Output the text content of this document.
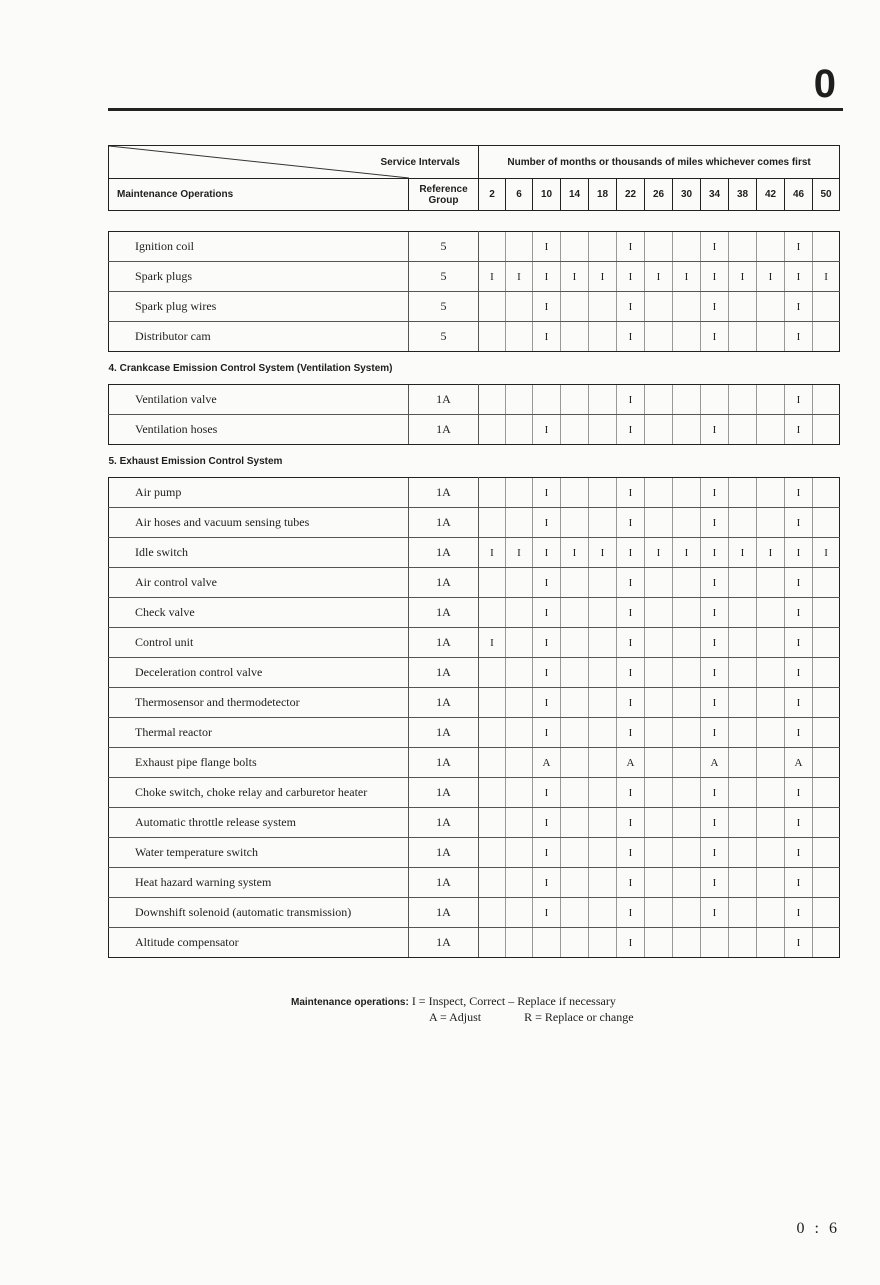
0
Service Intervals		Number of months or thousands of miles whichever comes first												
Maintenance Operations	Reference
Group	2	6	10	14	18	22	26	30	34	38	42	46	50

Ignition coil	5			I			I			I			I	
Spark plugs	5	I	I	I	I	I	I	I	I	I	I	I	I	I
Spark plug wires	5			I			I			I			I	
Distributor cam	5			I			I			I			I	
4. Crankcase Emission Control System (Ventilation System)														
Ventilation valve	1A						I						I	
Ventilation hoses	1A			I			I			I			I	
5. Exhaust Emission Control System														
Air pump	1A			I			I			I			I	
Air hoses and vacuum sensing tubes	1A			I			I			I			I	
Idle switch	1A	I	I	I	I	I	I	I	I	I	I	I	I	I
Air control valve	1A			I			I			I			I	
Check valve	1A			I			I			I			I	
Control unit	1A	I		I			I			I			I	
Deceleration control valve	1A			I			I			I			I	
Thermosensor and thermodetector	1A			I			I			I			I	
Thermal reactor	1A			I			I			I			I	
Exhaust pipe flange bolts	1A			A			A			A			A	
Choke switch, choke relay and carburetor heater	1A			I			I			I			I	
Automatic throttle release system	1A			I			I			I			I	
Water temperature switch	1A			I			I			I			I	
Heat hazard warning system	1A			I			I			I			I	
Downshift solenoid (automatic transmission)	1A			I			I			I			I	
Altitude compensator	1A						I						I	
Maintenance operations: I = Inspect, Correct – Replace if necessary
A = Adjust	R = Replace or change
0 : 6
